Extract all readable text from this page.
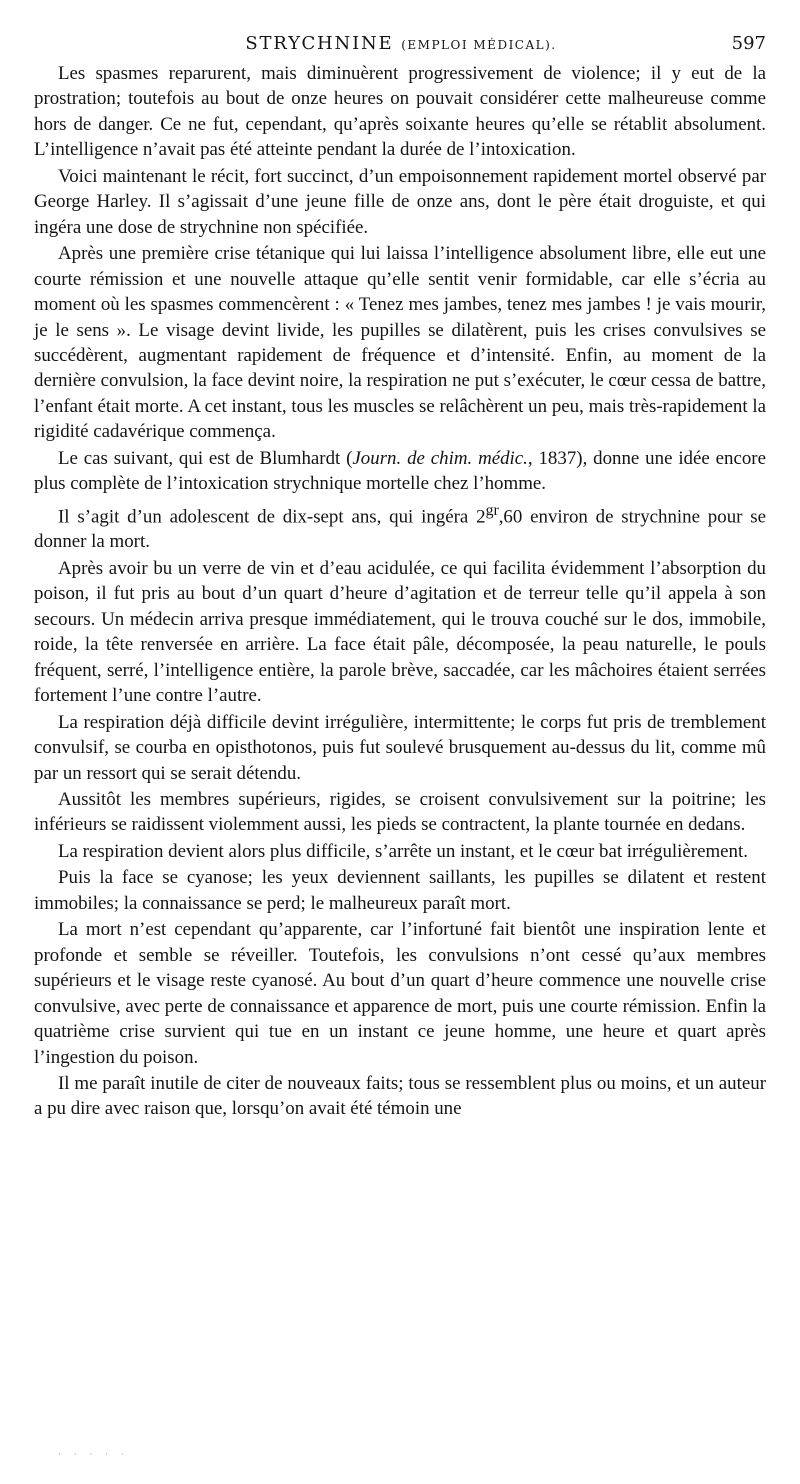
STRYCHNINE (EMPLOI MÉDICAL).	597

Les spasmes reparurent, mais diminuèrent progressivement de violence; il y eut de la prostration; toutefois au bout de onze heures on pouvait considérer cette malheureuse comme hors de danger. Ce ne fut, cependant, qu’après soixante heures qu’elle se rétablit absolument. L’intelligence n’avait pas été atteinte pendant la durée de l’intoxication.

Voici maintenant le récit, fort succinct, d’un empoisonnement rapidement mortel observé par George Harley. Il s’agissait d’une jeune fille de onze ans, dont le père était droguiste, et qui ingéra une dose de strychnine non spécifiée.

Après une première crise tétanique qui lui laissa l’intelligence absolument libre, elle eut une courte rémission et une nouvelle attaque qu’elle sentit venir formidable, car elle s’écria au moment où les spasmes commencèrent : « Tenez mes jambes, tenez mes jambes ! je vais mourir, je le sens ». Le visage devint livide, les pupilles se dilatèrent, puis les crises convulsives se succédèrent, augmentant rapidement de fréquence et d’intensité. Enfin, au moment de la dernière convulsion, la face devint noire, la respiration ne put s’exécuter, le cœur cessa de battre, l’enfant était morte. A cet instant, tous les muscles se relâchèrent un peu, mais très-rapidement la rigidité cadavérique commença.

Le cas suivant, qui est de Blumhardt (Journ. de chim. médic., 1837), donne une idée encore plus complète de l’intoxication strychnique mortelle chez l’homme.

Il s’agit d’un adolescent de dix-sept ans, qui ingéra $2^{gr},60$ environ de strychnine pour se donner la mort.

Après avoir bu un verre de vin et d’eau acidulée, ce qui facilita évidemment l’absorption du poison, il fut pris au bout d’un quart d’heure d’agitation et de terreur telle qu’il appela à son secours. Un médecin arriva presque immédiatement, qui le trouva couché sur le dos, immobile, roide, la tête renversée en arrière. La face était pâle, décomposée, la peau naturelle, le pouls fréquent, serré, l’intelligence entière, la parole brève, saccadée, car les mâchoires étaient serrées fortement l’une contre l’autre.

La respiration déjà difficile devint irrégulière, intermittente; le corps fut pris de tremblement convulsif, se courba en opisthotonos, puis fut soulevé brusquement au-dessus du lit, comme mû par un ressort qui se serait détendu.

Aussitôt les membres supérieurs, rigides, se croisent convulsivement sur la poitrine; les inférieurs se raidissent violemment aussi, les pieds se contractent, la plante tournée en dedans.

La respiration devient alors plus difficile, s’arrête un instant, et le cœur bat irrégulièrement.

Puis la face se cyanose; les yeux deviennent saillants, les pupilles se dilatent et restent immobiles; la connaissance se perd; le malheureux paraît mort.

La mort n’est cependant qu’apparente, car l’infortuné fait bientôt une inspiration lente et profonde et semble se réveiller. Toutefois, les convulsions n’ont cessé qu’aux membres supérieurs et le visage reste cyanosé. Au bout d’un quart d’heure commence une nouvelle crise convulsive, avec perte de connaissance et apparence de mort, puis une courte rémission. Enfin la quatrième crise survient qui tue en un instant ce jeune homme, une heure et quart après l’ingestion du poison.

Il me paraît inutile de citer de nouveaux faits; tous se ressemblent plus ou moins, et un auteur a pu dire avec raison que, lorsqu’on avait été témoin une

· · · · ·
